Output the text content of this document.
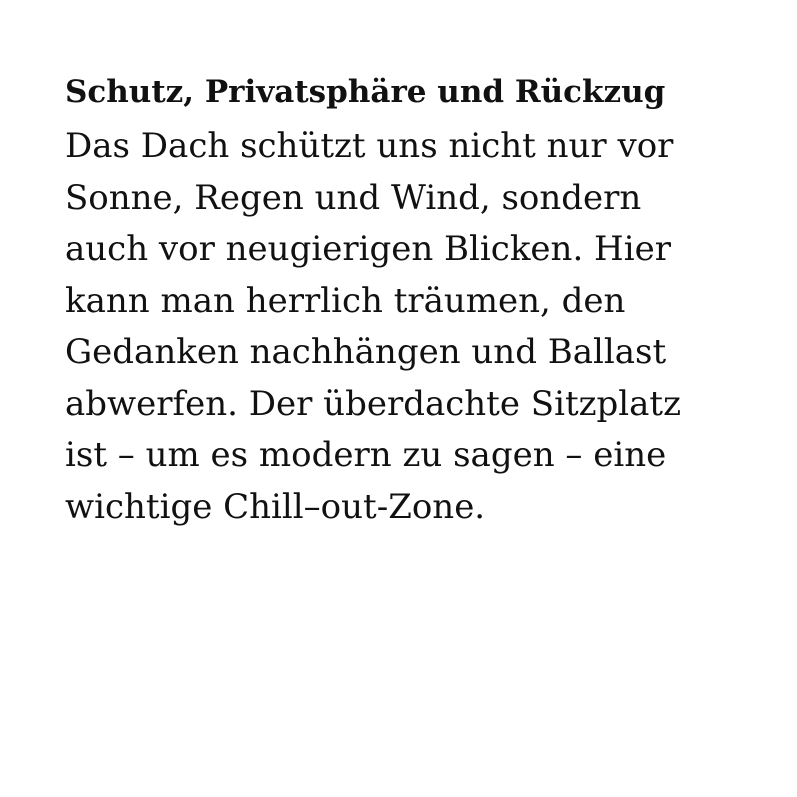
Schutz, Privatsphäre und Rückzug

Das Dach schützt uns nicht nur vor
Sonne, Regen und Wind, sondern
auch vor neugierigen Blicken. Hier
kann man herrlich träumen, den
Gedanken nachhängen und Ballast
abwerfen. Der überdachte Sitzplatz
ist – um es modern zu sagen – eine
wichtige Chill–out-Zone.
